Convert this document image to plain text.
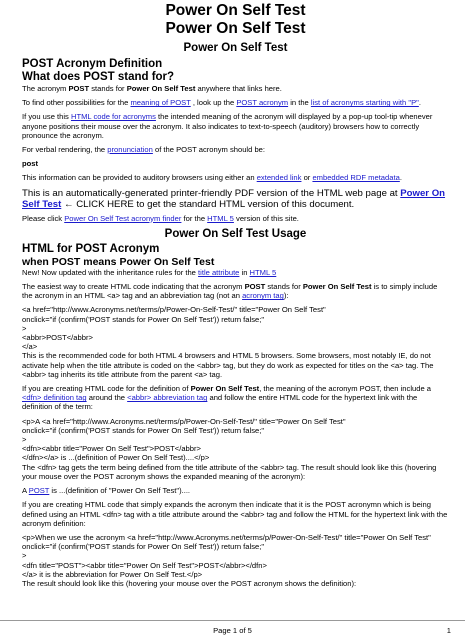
Power On Self Test
Power On Self Test
Power On Self Test
POST Acronym Definition
What does POST stand for?

The acronym POST stands for Power On Self Test anywhere that links here.

To find other possibilities for the meaning of POST , look up the POST acronym in the list of acronyms starting with "P".

If you use this HTML code for acronyms the intended meaning of the acronym will displayed by a pop-up tool-tip whenever anyone positions their mouse over the acronym. It also indicates to text-to-speech (auditory) browsers how to correctly pronounce the acronym.

For verbal rendering, the pronunciation of the POST acronym should be:

post

This information can be provided to auditory browsers using either an extended link or embedded RDF metadata.

This is an automatically-generated printer-friendly PDF version of the HTML web page at Power On Self Test ← CLICK HERE to get the standard HTML version of this document.

Please click Power On Self Test acronym finder for the HTML 5 version of this site.

Power On Self Test Usage
HTML for POST Acronym
when POST means Power On Self Test

New! Now updated with the inheritance rules for the title attribute in HTML 5

The easiest way to create HTML code indicating that the acronym POST stands for Power On Self Test is to simply include the acronym in an HTML <a> tag and an abbreviation tag (not an acronym tag):

<a href="http://www.Acronyms.net/terms/p/Power-On-Self-Test/" title="Power On Self Test"
onclick="if (confirm('POST stands for Power On Self Test')) return false;"
>
<abbr>POST</abbr>
</a>

This is the recommended code for both HTML 4 browsers and HTML 5 browsers. Some browsers, most notably IE, do not activate help when the title attribute is coded on the <abbr> tag, but they do work as expected for titles on the <a> tag. The <abbr> tag inherits its title attribute from the parent <a> tag.

If you are creating HTML code for the definition of Power On Self Test, the meaning of the acronym POST, then include a <dfn> definition tag around the <abbr> abbreviation tag and follow the entire HTML code for the hypertext link with the definition of the term:

<p>A <a href="http://www.Acronyms.net/terms/p/Power-On-Self-Test/" title="Power On Self Test"
onclick="if (confirm('POST stands for Power On Self Test')) return false;"
>
<dfn><abbr title="Power On Self Test">POST</abbr>
</dfn></a> is ...(definition of Power On Self Test)....</p>

The <dfn> tag gets the term being defined from the title attribute of the <abbr> tag. The result should look like this (hovering your mouse over the POST acronym shows the expanded meaning of the acronym):

A POST is ...(definition of "Power On Self Test")....

If you are creating HTML code that simply expands the acronym then indicate that it is the POST acronymn which is being defined using an HTML <dfn> tag with a title attribute around the <abbr> tag and follow the HTML for the hypertext link with the acronym definition:

<p>When we use the acronym <a href="http://www.Acronyms.net/terms/p/Power-On-Self-Test/" title="Power On Self Test"
onclick="if (confirm('POST stands for Power On Self Test')) return false;"
>
<dfn title="POST"><abbr title="Power On Self Test">POST</abbr></dfn>
</a> it is the abbreviation for Power On Self Test.</p>

The result should look like this (hovering your mouse over the POST acronym shows the definition):

Page 1 of 5	1
